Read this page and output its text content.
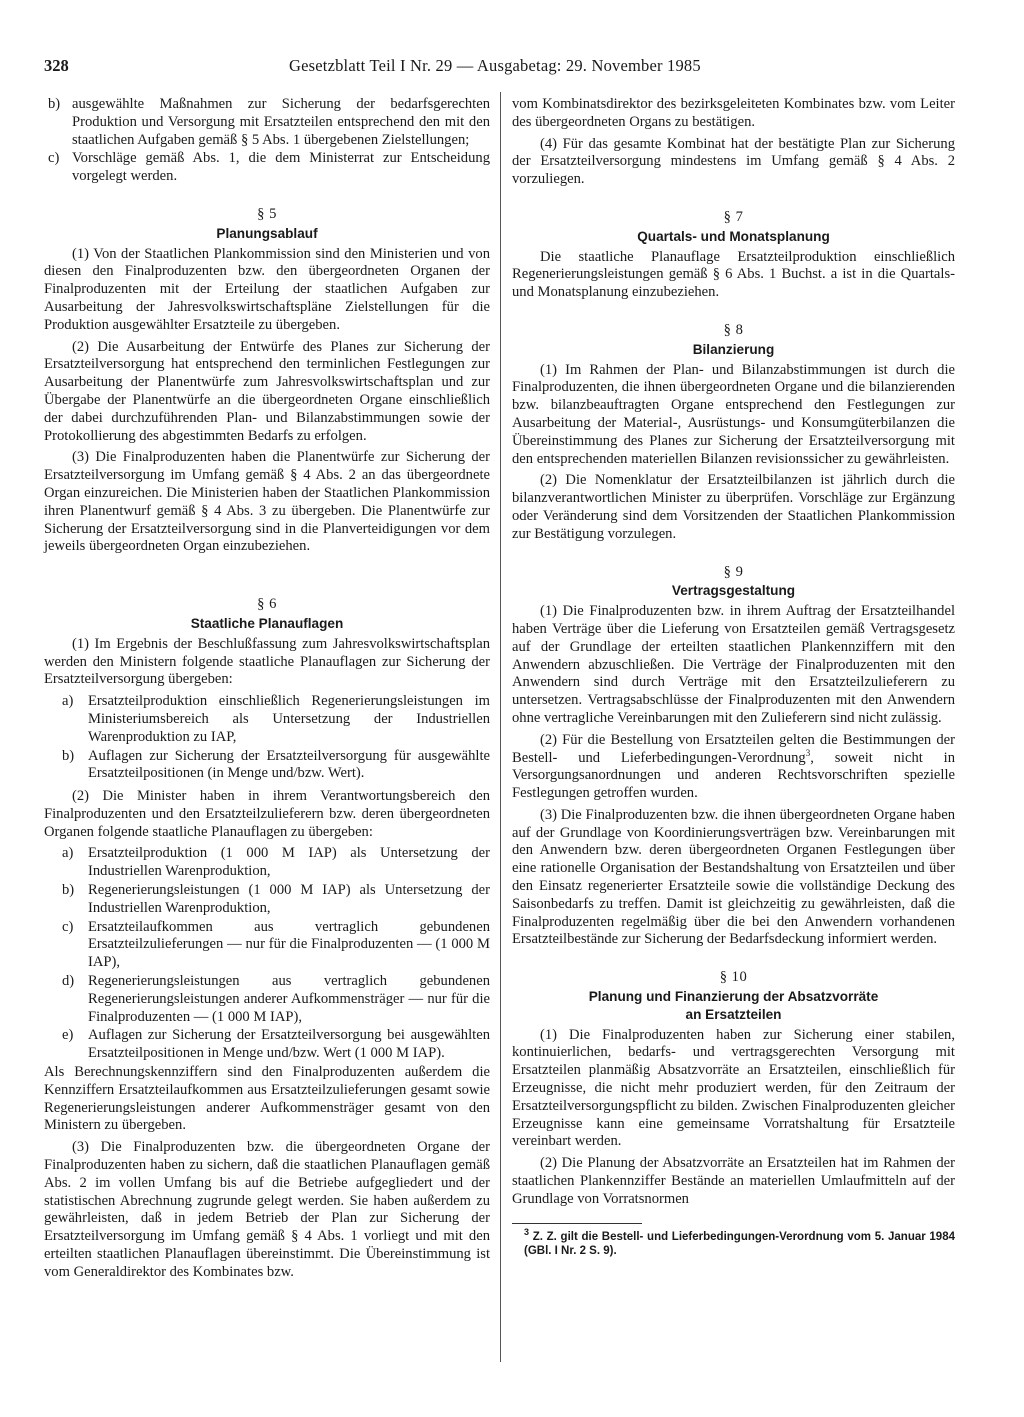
328	Gesetzblatt Teil I Nr. 29 — Ausgabetag: 29. November 1985
b) ausgewählte Maßnahmen zur Sicherung der bedarfsgerechten Produktion und Versorgung mit Ersatzteilen entsprechend den mit den staatlichen Aufgaben gemäß § 5 Abs. 1 übergebenen Zielstellungen;
c) Vorschläge gemäß Abs. 1, die dem Ministerrat zur Entscheidung vorgelegt werden.
§ 5
Planungsablauf

(1) Von der Staatlichen Plankommission sind den Ministerien und von diesen den Finalproduzenten bzw. den übergeordneten Organen der Finalproduzenten mit der Erteilung der staatlichen Aufgaben zur Ausarbeitung der Jahresvolkswirtschaftspläne Zielstellungen für die Produktion ausgewählter Ersatzteile zu übergeben.

(2) Die Ausarbeitung der Entwürfe des Planes zur Sicherung der Ersatzteilversorgung hat entsprechend den terminlichen Festlegungen zur Ausarbeitung der Planentwürfe zum Jahresvolkswirtschaftsplan und zur Übergabe der Planentwürfe an die übergeordneten Organe einschließlich der dabei durchzuführenden Plan- und Bilanzabstimmungen sowie der Protokollierung des abgestimmten Bedarfs zu erfolgen.

(3) Die Finalproduzenten haben die Planentwürfe zur Sicherung der Ersatzteilversorgung im Umfang gemäß § 4 Abs. 2 an das übergeordnete Organ einzureichen. Die Ministerien haben der Staatlichen Plankommission ihren Planentwurf gemäß § 4 Abs. 3 zu übergeben. Die Planentwürfe zur Sicherung der Ersatzteilversorgung sind in die Planverteidigungen vor dem jeweils übergeordneten Organ einzubeziehen.

§ 6
Staatliche Planauflagen

(1) Im Ergebnis der Beschlußfassung zum Jahresvolkswirtschaftsplan werden den Ministern folgende staatliche Planauflagen zur Sicherung der Ersatzteilversorgung übergeben:

a) Ersatzteilproduktion einschließlich Regenerierungsleistungen im Ministeriumsbereich als Untersetzung der Industriellen Warenproduktion zu IAP,
b) Auflagen zur Sicherung der Ersatzteilversorgung für ausgewählte Ersatzteilpositionen (in Menge und/bzw. Wert).

(2) Die Minister haben in ihrem Verantwortungsbereich den Finalproduzenten und den Ersatzteilzulieferern bzw. deren übergeordneten Organen folgende staatliche Planauflagen zu übergeben:

a) Ersatzteilproduktion (1 000 M IAP) als Untersetzung der Industriellen Warenproduktion,
b) Regenerierungsleistungen (1 000 M IAP) als Untersetzung der Industriellen Warenproduktion,
c) Ersatzteilaufkommen aus vertraglich gebundenen Ersatzteilzulieferungen — nur für die Finalproduzenten — (1 000 M IAP),
d) Regenerierungsleistungen aus vertraglich gebundenen Regenerierungsleistungen anderer Aufkommensträger — nur für die Finalproduzenten — (1 000 M IAP),
e) Auflagen zur Sicherung der Ersatzteilversorgung bei ausgewählten Ersatzteilpositionen in Menge und/bzw. Wert (1 000 M IAP).

Als Berechnungskennziffern sind den Finalproduzenten außerdem die Kennziffern Ersatzteilaufkommen aus Ersatzteilzulieferungen gesamt sowie Regenerierungsleistungen anderer Aufkommensträger gesamt von den Ministern zu übergeben.

(3) Die Finalproduzenten bzw. die übergeordneten Organe der Finalproduzenten haben zu sichern, daß die staatlichen Planauflagen gemäß Abs. 2 im vollen Umfang bis auf die Betriebe aufgegliedert und der statistischen Abrechnung zugrunde gelegt werden. Sie haben außerdem zu gewährleisten, daß in jedem Betrieb der Plan zur Sicherung der Ersatzteilversorgung im Umfang gemäß § 4 Abs. 1 vorliegt und mit den erteilten staatlichen Planauflagen übereinstimmt. Die Übereinstimmung ist vom Generaldirektor des Kombinates bzw.

vom Kombinatsdirektor des bezirksgeleiteten Kombinates bzw. vom Leiter des übergeordneten Organs zu bestätigen.

(4) Für das gesamte Kombinat hat der bestätigte Plan zur Sicherung der Ersatzteilversorgung mindestens im Umfang gemäß § 4 Abs. 2 vorzuliegen.

§ 7
Quartals- und Monatsplanung

Die staatliche Planauflage Ersatzteilproduktion einschließlich Regenerierungsleistungen gemäß § 6 Abs. 1 Buchst. a ist in die Quartals- und Monatsplanung einzubeziehen.

§ 8
Bilanzierung

(1) Im Rahmen der Plan- und Bilanzabstimmungen ist durch die Finalproduzenten, die ihnen übergeordneten Organe und die bilanzierenden bzw. bilanzbeauftragten Organe entsprechend den Festlegungen zur Ausarbeitung der Material-, Ausrüstungs- und Konsumgüterbilanzen die Übereinstimmung des Planes zur Sicherung der Ersatzteilversorgung mit den entsprechenden materiellen Bilanzen revisionssicher zu gewährleisten.

(2) Die Nomenklatur der Ersatzteilbilanzen ist jährlich durch die bilanzverantwortlichen Minister zu überprüfen. Vorschläge zur Ergänzung oder Veränderung sind dem Vorsitzenden der Staatlichen Plankommission zur Bestätigung vorzulegen.

§ 9
Vertragsgestaltung

(1) Die Finalproduzenten bzw. in ihrem Auftrag der Ersatzteilhandel haben Verträge über die Lieferung von Ersatzteilen gemäß Vertragsgesetz auf der Grundlage der erteilten staatlichen Plankennziffern mit den Anwendern abzuschließen. Die Verträge der Finalproduzenten mit den Anwendern sind durch Verträge mit den Ersatzteilzulieferern zu untersetzen. Vertragsabschlüsse der Finalproduzenten mit den Anwendern ohne vertragliche Vereinbarungen mit den Zulieferern sind nicht zulässig.

(2) Für die Bestellung von Ersatzteilen gelten die Bestimmungen der Bestell- und Lieferbedingungen-Verordnung$^3$, soweit nicht in Versorgungsanordnungen und anderen Rechtsvorschriften spezielle Festlegungen getroffen wurden.

(3) Die Finalproduzenten bzw. die ihnen übergeordneten Organe haben auf der Grundlage von Koordinierungsverträgen bzw. Vereinbarungen mit den Anwendern bzw. deren übergeordneten Organen Festlegungen über eine rationelle Organisation der Bestandshaltung von Ersatzteilen und über den Einsatz regenerierter Ersatzteile sowie die vollständige Deckung des Saisonbedarfs zu treffen. Damit ist gleichzeitig zu gewährleisten, daß die Finalproduzenten regelmäßig über die bei den Anwendern vorhandenen Ersatzteilbestände zur Sicherung der Bedarfsdeckung informiert werden.

§ 10
Planung und Finanzierung der Absatzvorräte
an Ersatzteilen

(1) Die Finalproduzenten haben zur Sicherung einer stabilen, kontinuierlichen, bedarfs- und vertragsgerechten Versorgung mit Ersatzteilen planmäßig Absatzvorräte an Ersatzteilen, einschließlich für Erzeugnisse, die nicht mehr produziert werden, für den Zeitraum der Ersatzteilversorgungspflicht zu bilden. Zwischen Finalproduzenten gleicher Erzeugnisse kann eine gemeinsame Vorratshaltung für Ersatzteile vereinbart werden.

(2) Die Planung der Absatzvorräte an Ersatzteilen hat im Rahmen der staatlichen Plankennziffer Bestände an materiellen Umlaufmitteln auf der Grundlage von Vorratsnormen

$^3$ Z. Z. gilt die Bestell- und Lieferbedingungen-Verordnung vom 5. Januar 1984 (GBl. I Nr. 2 S. 9).
